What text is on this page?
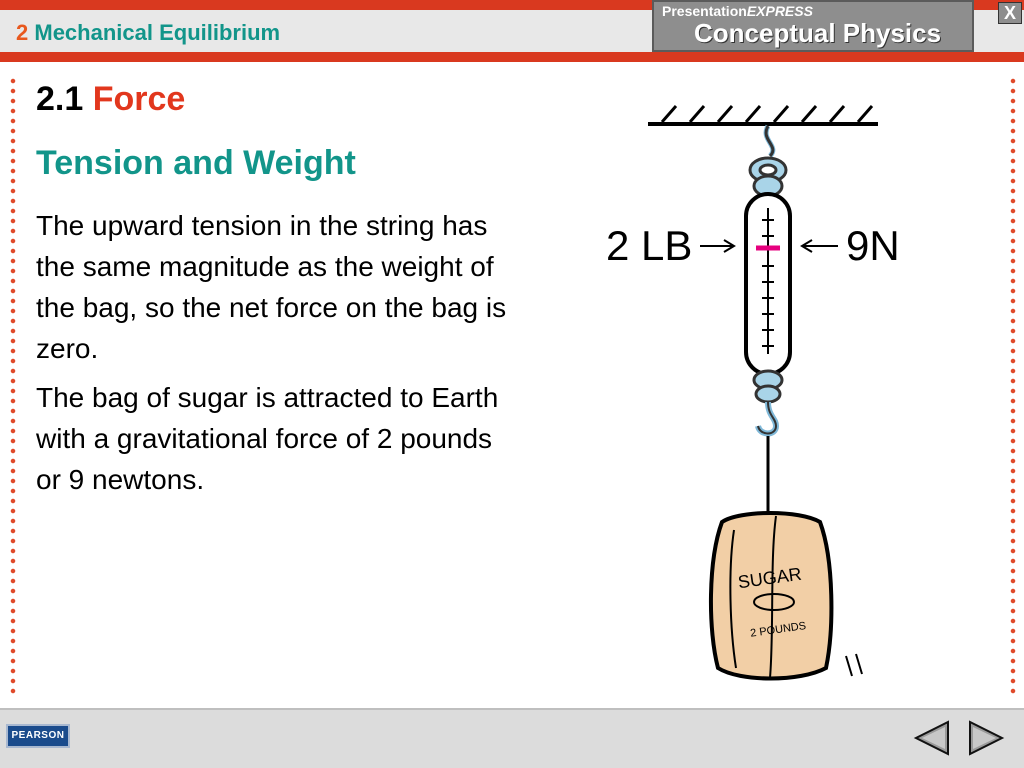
2 Mechanical Equilibrium
PresentationEXPRESS
Conceptual Physics
X
2.1 Force
Tension and Weight
The upward tension in the string has the same magnitude as the weight of the bag, so the net force on the bag is zero.
The bag of sugar is attracted to Earth with a gravitational force of 2 pounds or 9 newtons.
2 LB	9N
SUGAR
2 POUNDS
PEARSON
